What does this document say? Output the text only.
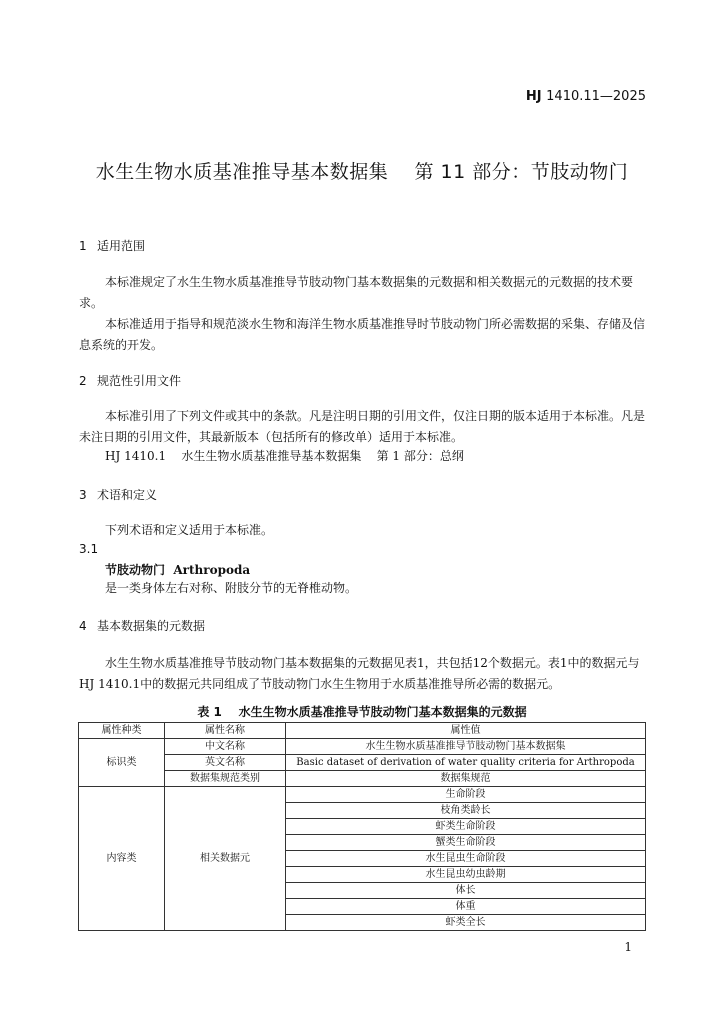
HJ 1410.11—2025
水生生物水质基准推导基本数据集    第 11 部分：节肢动物门
1 适用范围
本标准规定了水生生物水质基准推导节肢动物门基本数据集的元数据和相关数据元的元数据的技术要求。
本标准适用于指导和规范淡水生物和海洋生物水质基准推导时节肢动物门所必需数据的采集、存储及信息系统的开发。
2 规范性引用文件
本标准引用了下列文件或其中的条款。凡是注明日期的引用文件，仅注日期的版本适用于本标准。凡是未注日期的引用文件，其最新版本（包括所有的修改单）适用于本标准。
HJ 1410.1    水生生物水质基准推导基本数据集    第 1 部分：总纲
3 术语和定义
下列术语和定义适用于本标准。
3.1
节肢动物门  Arthropoda
是一类身体左右对称、附肢分节的无脊椎动物。
4 基本数据集的元数据
水生生物水质基准推导节肢动物门基本数据集的元数据见表1，共包括12个数据元。表1中的数据元与HJ 1410.1中的数据元共同组成了节肢动物门水生生物用于水质基准推导所必需的数据元。
表 1    水生生物水质基准推导节肢动物门基本数据集的元数据
属性种类	属性名称	属性值
标识类	中文名称	水生生物水质基准推导节肢动物门基本数据集
	英文名称	Basic dataset of derivation of water quality criteria for Arthropoda
	数据集规范类别	数据集规范
内容类	相关数据元	生命阶段
		枝角类龄长
		虾类生命阶段
		蟹类生命阶段
		水生昆虫生命阶段
		水生昆虫幼虫龄期
		体长
		体重
		虾类全长
1
